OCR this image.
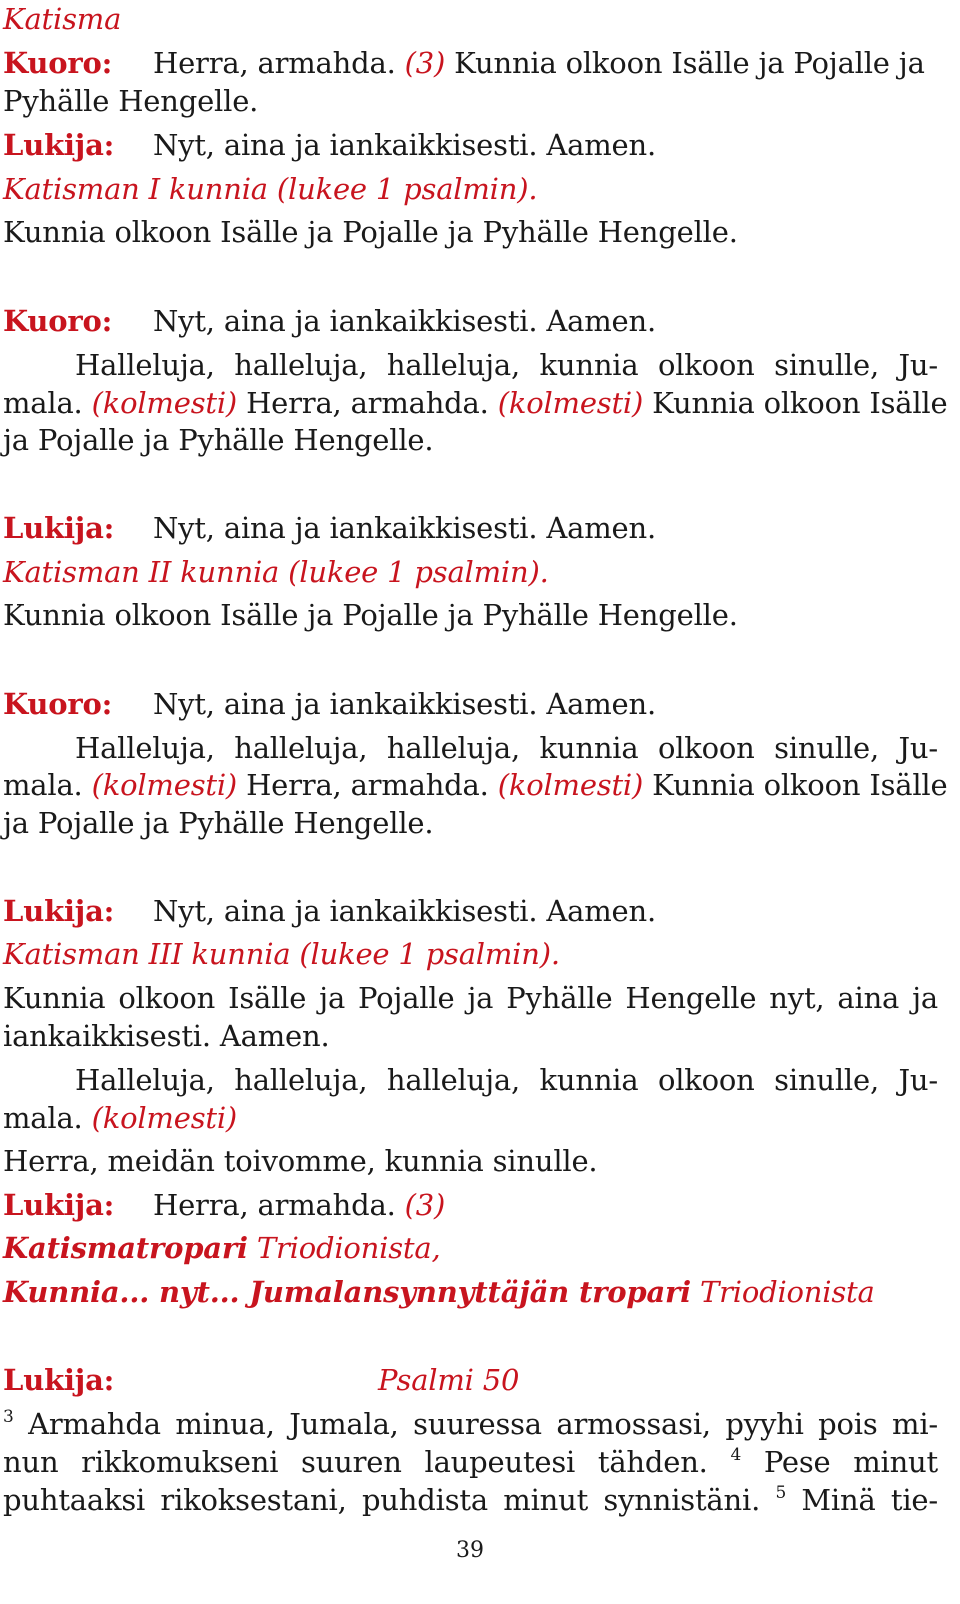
Katisma
Kuoro: Herra, armahda. (3) Kunnia olkoon Isälle ja Pojalle ja
Pyhälle Hengelle.
Lukija: Nyt, aina ja iankaikkisesti. Aamen.
Katisman I kunnia (lukee 1 psalmin).
Kunnia olkoon Isälle ja Pojalle ja Pyhälle Hengelle.
Kuoro: Nyt, aina ja iankaikkisesti. Aamen.
Halleluja, halleluja, halleluja, kunnia olkoon sinulle, Ju-
mala. (kolmesti) Herra, armahda. (kolmesti) Kunnia olkoon Isälle
ja Pojalle ja Pyhälle Hengelle.
Lukija: Nyt, aina ja iankaikkisesti. Aamen.
Katisman II kunnia (lukee 1 psalmin).
Kunnia olkoon Isälle ja Pojalle ja Pyhälle Hengelle.
Kuoro: Nyt, aina ja iankaikkisesti. Aamen.
Halleluja, halleluja, halleluja, kunnia olkoon sinulle, Ju-
mala. (kolmesti) Herra, armahda. (kolmesti) Kunnia olkoon Isälle
ja Pojalle ja Pyhälle Hengelle.
Lukija: Nyt, aina ja iankaikkisesti. Aamen.
Katisman III kunnia (lukee 1 psalmin).
Kunnia olkoon Isälle ja Pojalle ja Pyhälle Hengelle nyt, aina ja
iankaikkisesti. Aamen.
Halleluja, halleluja, halleluja, kunnia olkoon sinulle, Ju-
mala. (kolmesti)
Herra, meidän toivomme, kunnia sinulle.
Lukija: Herra, armahda. (3)
Katismatropari Triodionista,
Kunnia... nyt... Jumalansynnyttäjän tropari Triodionista
Lukija:	Psalmi 50
$^3$ Armahda minua, Jumala, suuressa armossasi, pyyhi pois mi-
nun rikkomukseni suuren laupeutesi tähden. $^4$ Pese minut
puhtaaksi rikoksestani, puhdista minut synnistäni. $^5$ Minä tie-
39
